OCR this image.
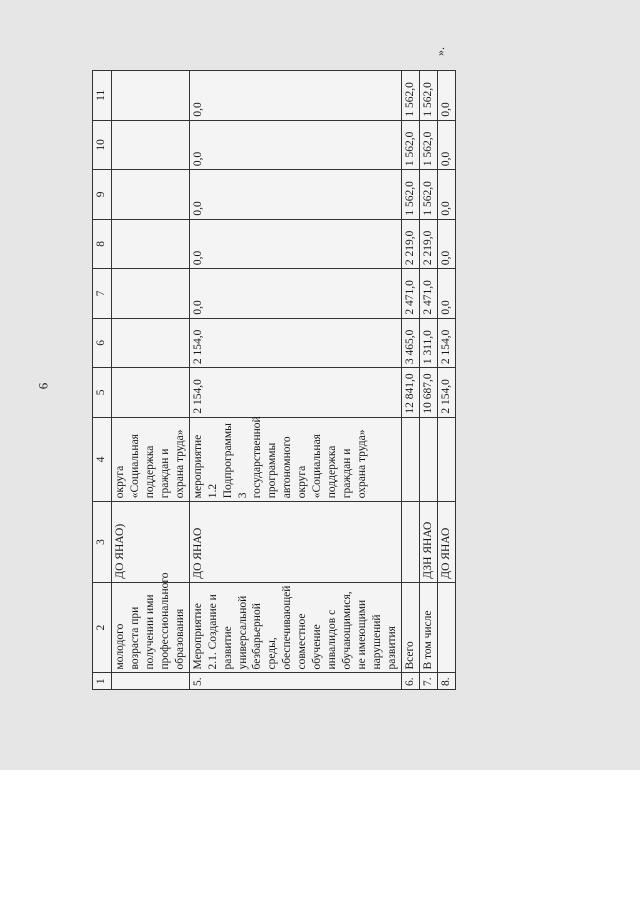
6
».
1	2	3	4	5	6	7	8	9	10	11
	молодого возраста при получении ими профессионального образования	ДО ЯНАО)	округа «Социальная поддержка граждан и охрана труда»							
5.	Мероприятие 2.1. Создание и развитие универсальной безбарьерной среды, обеспечивающей совместное обучение инвалидов с обучающимися, не имеющими нарушений развития	ДО ЯНАО	мероприятие 1.2 Подпрограммы 3 государственной программы автономного округа «Социальная поддержка граждан и охрана труда»	2 154,0	2 154,0	0,0	0,0	0,0	0,0	0,0
6.	Всего			12 841,0	3 465,0	2 471,0	2 219,0	1 562,0	1 562,0	1 562,0
7.	В том числе	ДЗН ЯНАО		10 687,0	1 311,0	2 471,0	2 219,0	1 562,0	1 562,0	1 562,0
8.		ДО ЯНАО		2 154,0	2 154,0	0,0	0,0	0,0	0,0	0,0
